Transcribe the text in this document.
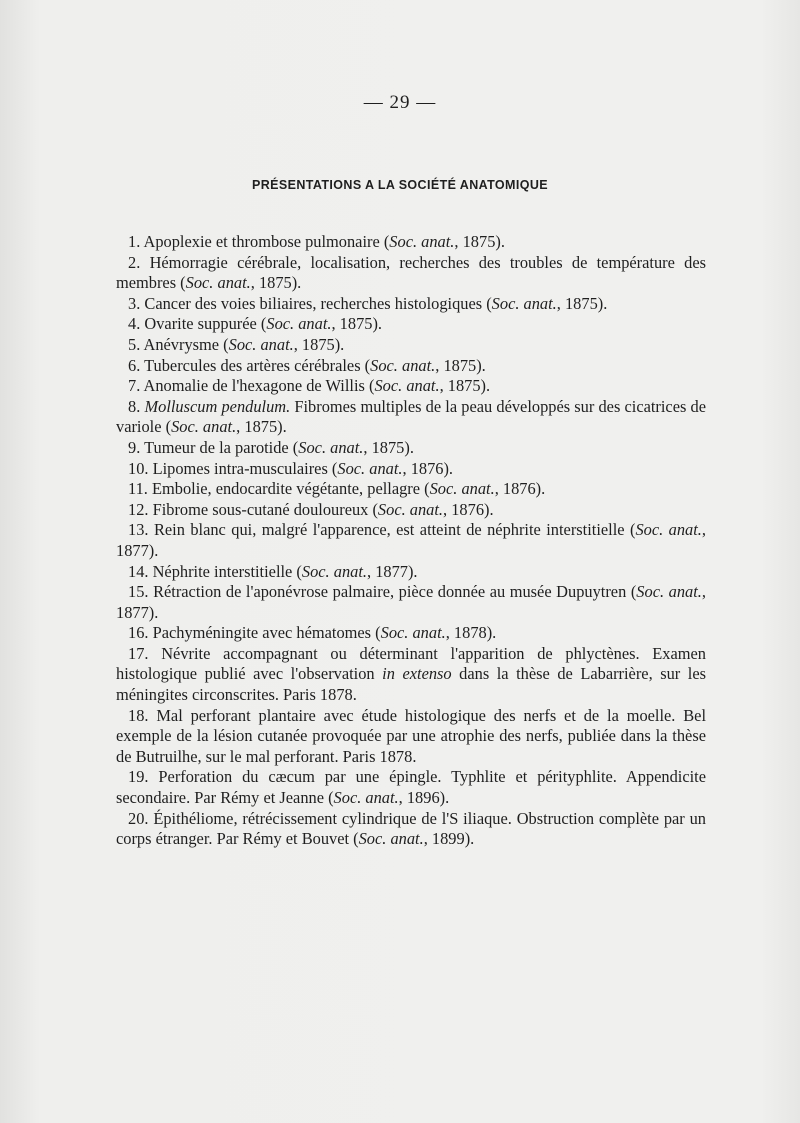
— 29 —
PRÉSENTATIONS A LA SOCIÉTÉ ANATOMIQUE

1. Apoplexie et thrombose pulmonaire (Soc. anat., 1875).

2. Hémorragie cérébrale, localisation, recherches des troubles de température des membres (Soc. anat., 1875).

3. Cancer des voies biliaires, recherches histologiques (Soc. anat., 1875).

4. Ovarite suppurée (Soc. anat., 1875).

5. Anévrysme (Soc. anat., 1875).

6. Tubercules des artères cérébrales (Soc. anat., 1875).

7. Anomalie de l'hexagone de Willis (Soc. anat., 1875).

8. Molluscum pendulum. Fibromes multiples de la peau développés sur des cicatrices de variole (Soc. anat., 1875).

9. Tumeur de la parotide (Soc. anat., 1875).

10. Lipomes intra-musculaires (Soc. anat., 1876).

11. Embolie, endocardite végétante, pellagre (Soc. anat., 1876).

12. Fibrome sous-cutané douloureux (Soc. anat., 1876).

13. Rein blanc qui, malgré l'apparence, est atteint de néphrite interstitielle (Soc. anat., 1877).

14. Néphrite interstitielle (Soc. anat., 1877).

15. Rétraction de l'aponévrose palmaire, pièce donnée au musée Dupuytren (Soc. anat., 1877).

16. Pachyméningite avec hématomes (Soc. anat., 1878).

17. Névrite accompagnant ou déterminant l'apparition de phlyctènes. Examen histologique publié avec l'observation in extenso dans la thèse de Labarrière, sur les méningites circonscrites. Paris 1878.

18. Mal perforant plantaire avec étude histologique des nerfs et de la moelle. Bel exemple de la lésion cutanée provoquée par une atrophie des nerfs, publiée dans la thèse de Butruilhe, sur le mal perforant. Paris 1878.

19. Perforation du cæcum par une épingle. Typhlite et pérityphlite. Appendicite secondaire. Par Rémy et Jeanne (Soc. anat., 1896).

20. Épithéliome, rétrécissement cylindrique de l'S iliaque. Obstruction complète par un corps étranger. Par Rémy et Bouvet (Soc. anat., 1899).
